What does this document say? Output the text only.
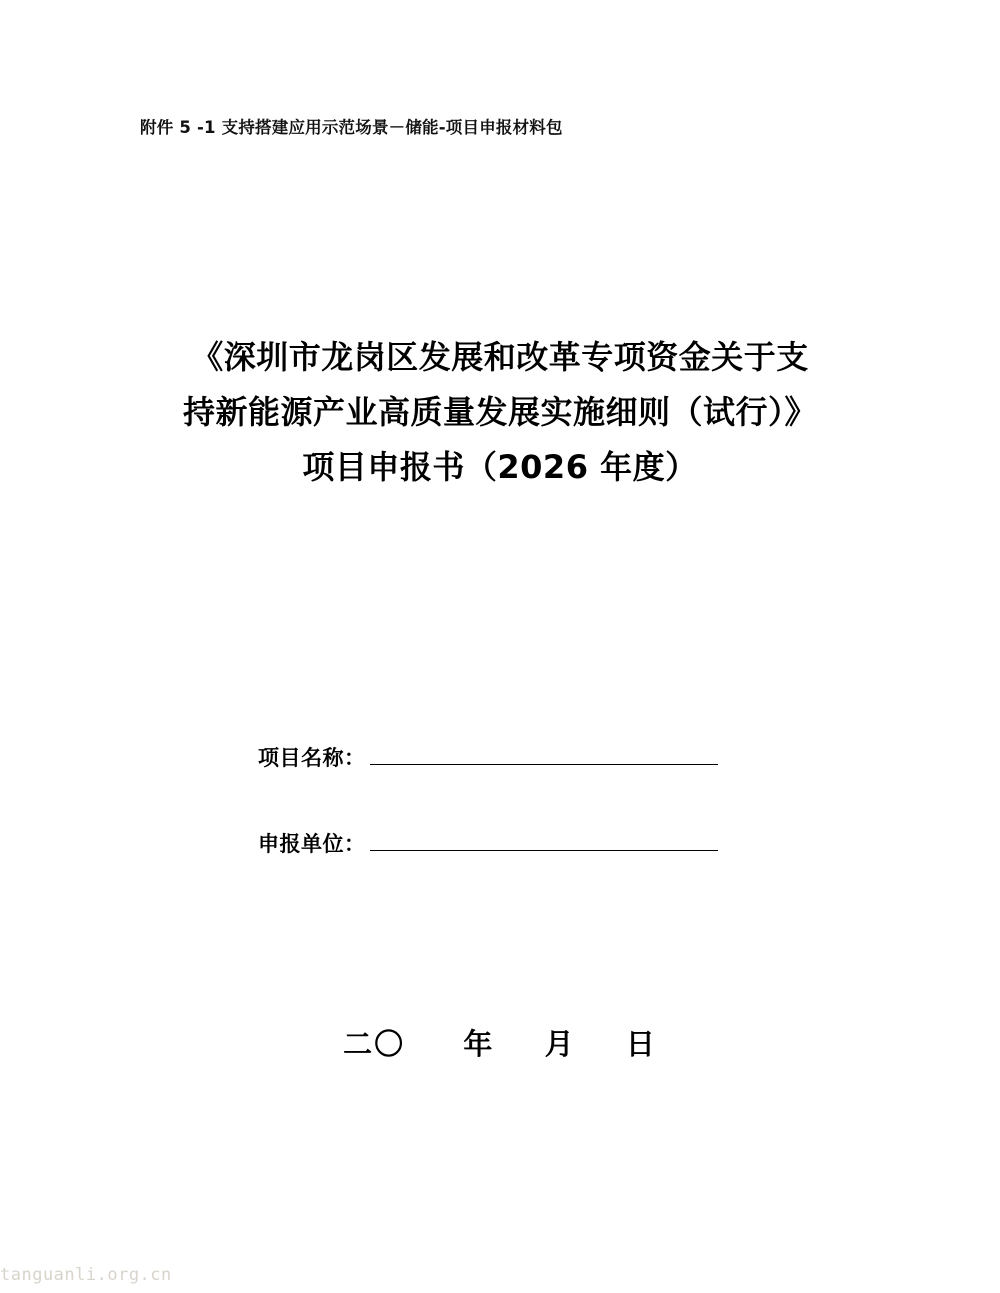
附件 5 -1 支持搭建应用示范场景－储能-项目申报材料包
《深圳市龙岗区发展和改革专项资金关于支
持新能源产业高质量发展实施细则（试行）》
项目申报书（2026 年度）
项目名称：
申报单位：
二〇 年 月 日
tanguanli.org.cn
